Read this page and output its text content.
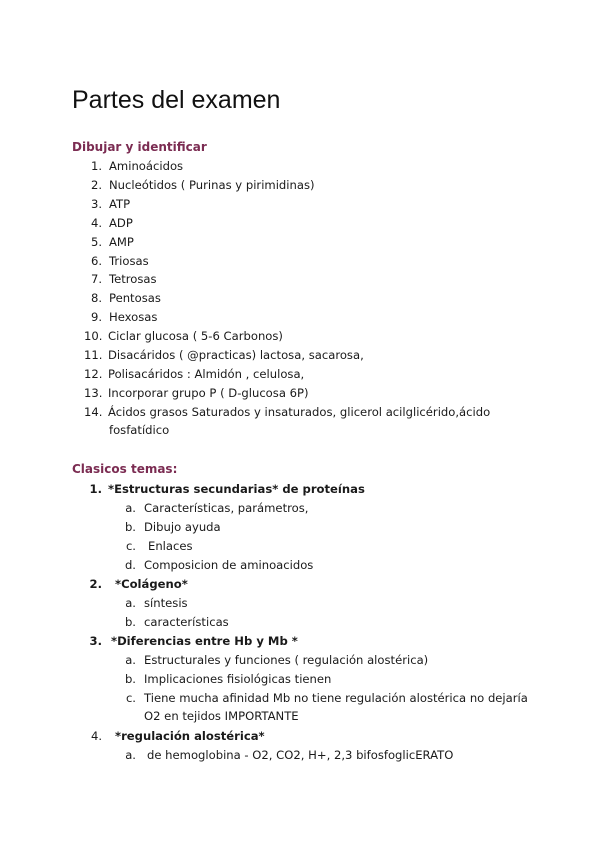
Partes del examen
Dibujar y identificar
1. Aminoácidos
2. Nucleótidos ( Purinas y pirimidinas)
3. ATP
4. ADP
5. AMP
6. Triosas
7. Tetrosas
8. Pentosas
9. Hexosas
10. Ciclar glucosa ( 5-6 Carbonos)
11. Disacáridos ( @practicas) lactosa, sacarosa,
12. Polisacáridos : Almidón , celulosa,
13. Incorporar grupo P ( D-glucosa 6P)
14. Ácidos grasos Saturados y insaturados, glicerol acilglicérido,ácido
fosfatídico
Clasicos temas:
1. *Estructuras secundarias* de proteínas
a. Características, parámetros,
b. Dibujo ayuda
c. Enlaces
d. Composicion de aminoacidos
2. *Colágeno*
a. síntesis
b. características
3. *Diferencias entre Hb y Mb *
a. Estructurales y funciones ( regulación alostérica)
b. Implicaciones fisiológicas tienen
c. Tiene mucha afinidad Mb no tiene regulación alostérica no dejaría
O2 en tejidos IMPORTANTE
4. *regulación alostérica*
a. de hemoglobina - O2, CO2, H+, 2,3 bifosfoglicERATO
